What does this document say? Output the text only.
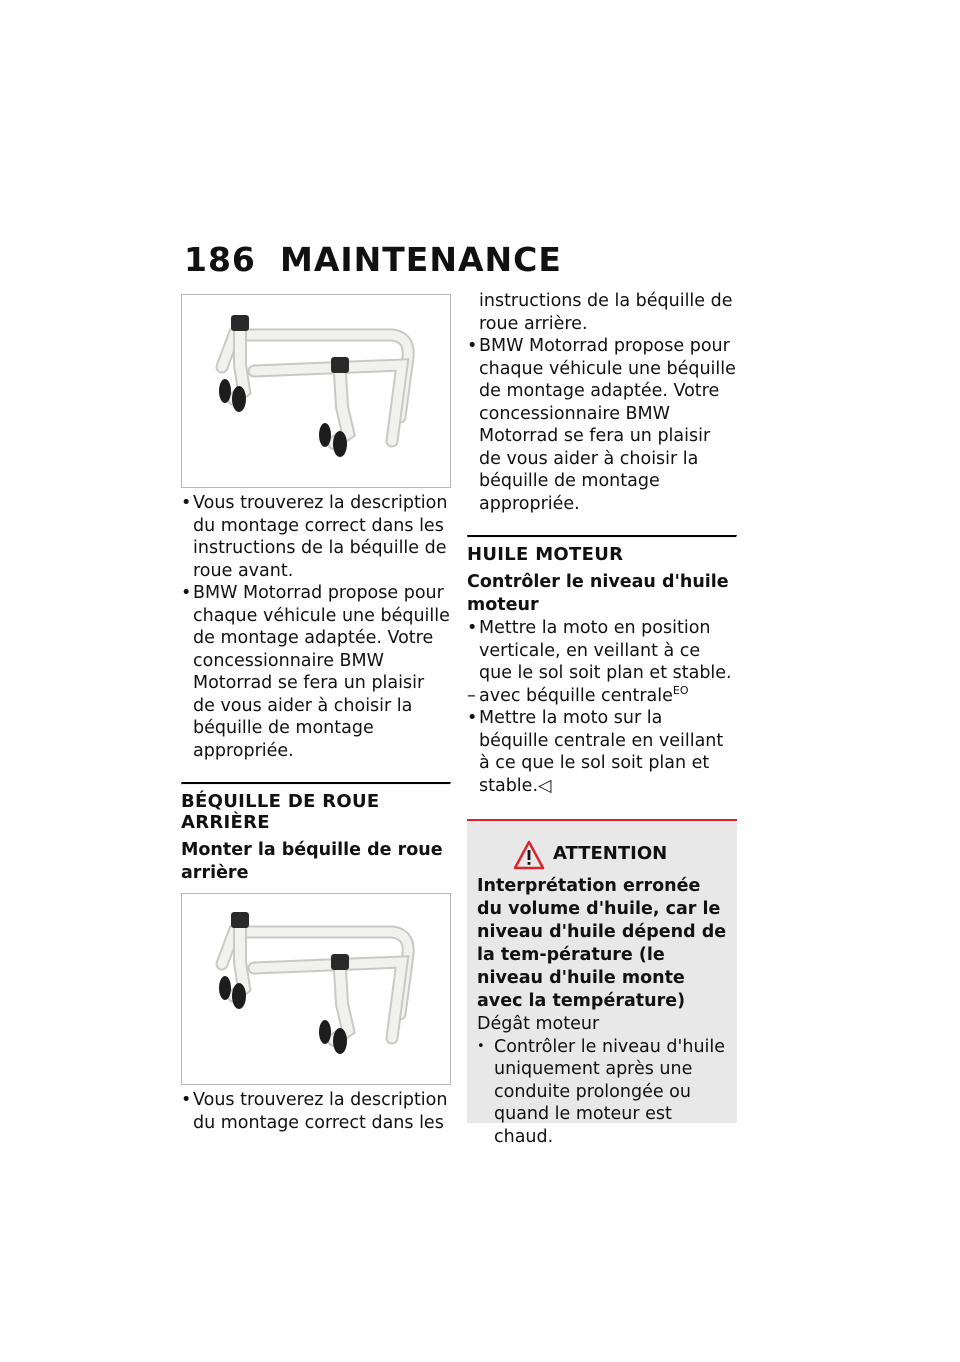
186 MAINTENANCE

• Vous trouverez la description du montage correct dans les instructions de la béquille de roue avant.

• BMW Motorrad propose pour chaque véhicule une béquille de montage adaptée. Votre concessionnaire BMW Motorrad se fera un plaisir de vous aider à choisir la béquille de montage appropriée.

BÉQUILLE DE ROUE ARRIÈRE

Monter la béquille de roue arrière

• Vous trouverez la description du montage correct dans les

instructions de la béquille de roue arrière.

• BMW Motorrad propose pour chaque véhicule une béquille de montage adaptée. Votre concessionnaire BMW Motorrad se fera un plaisir de vous aider à choisir la béquille de montage appropriée.

HUILE MOTEUR

Contrôler le niveau d'huile moteur

• Mettre la moto en position verticale, en veillant à ce que le sol soit plan et stable.

– avec béquille centrale$^{EO}$

• Mettre la moto sur la béquille centrale en veillant à ce que le sol soit plan et stable.◁

ATTENTION

Interprétation erronée du volume d'huile, car le niveau d'huile dépend de la tem-pérature (le niveau d'huile monte avec la température)

Dégât moteur

• Contrôler le niveau d'huile uniquement après une conduite prolongée ou quand le moteur est chaud.
